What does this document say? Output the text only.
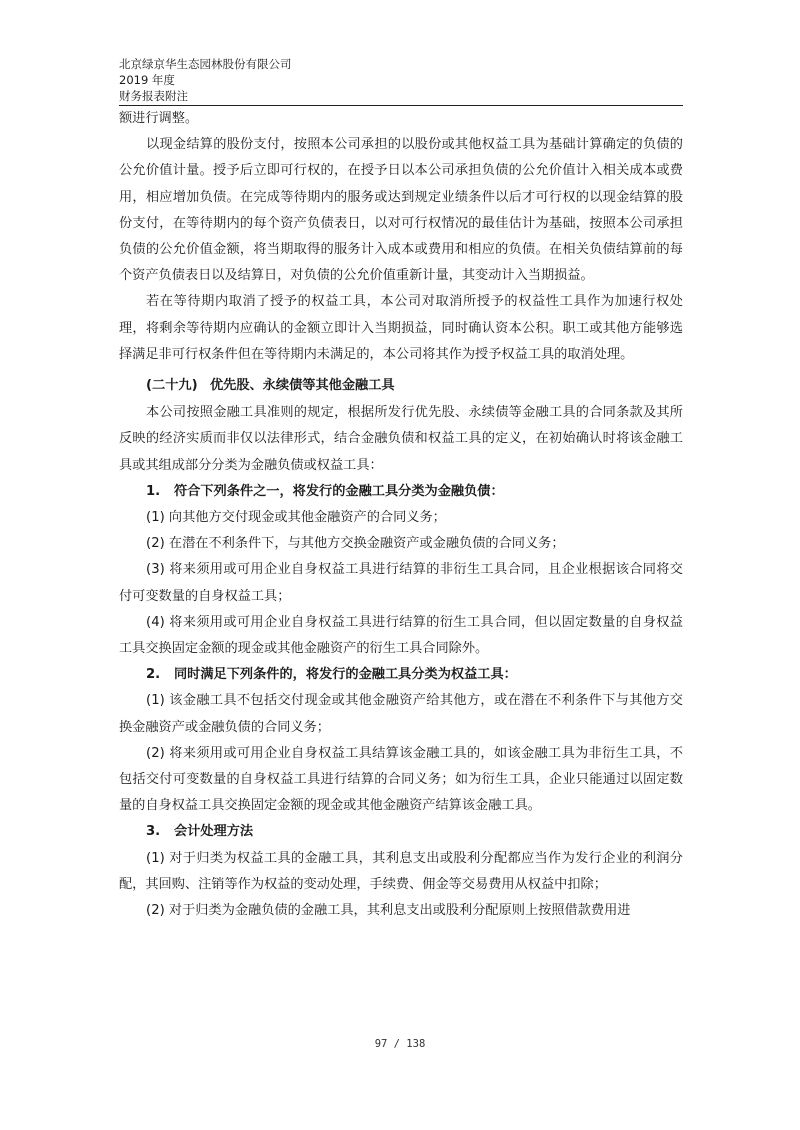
北京绿京华生态园林股份有限公司
2019 年度
财务报表附注

额进行调整。

以现金结算的股份支付，按照本公司承担的以股份或其他权益工具为基础计算确定的负债的公允价值计量。授予后立即可行权的，在授予日以本公司承担负债的公允价值计入相关成本或费用，相应增加负债。在完成等待期内的服务或达到规定业绩条件以后才可行权的以现金结算的股份支付，在等待期内的每个资产负债表日，以对可行权情况的最佳估计为基础，按照本公司承担负债的公允价值金额，将当期取得的服务计入成本或费用和相应的负债。在相关负债结算前的每个资产负债表日以及结算日，对负债的公允价值重新计量，其变动计入当期损益。

若在等待期内取消了授予的权益工具，本公司对取消所授予的权益性工具作为加速行权处理，将剩余等待期内应确认的金额立即计入当期损益，同时确认资本公积。职工或其他方能够选择满足非可行权条件但在等待期内未满足的，本公司将其作为授予权益工具的取消处理。

(二十九) 优先股、永续债等其他金融工具

本公司按照金融工具准则的规定，根据所发行优先股、永续债等金融工具的合同条款及其所反映的经济实质而非仅以法律形式，结合金融负债和权益工具的定义，在初始确认时将该金融工具或其组成部分分类为金融负债或权益工具：

1. 符合下列条件之一，将发行的金融工具分类为金融负债：

(1) 向其他方交付现金或其他金融资产的合同义务；

(2) 在潜在不利条件下，与其他方交换金融资产或金融负债的合同义务；

(3) 将来须用或可用企业自身权益工具进行结算的非衍生工具合同，且企业根据该合同将交付可变数量的自身权益工具；

(4) 将来须用或可用企业自身权益工具进行结算的衍生工具合同，但以固定数量的自身权益工具交换固定金额的现金或其他金融资产的衍生工具合同除外。

2. 同时满足下列条件的，将发行的金融工具分类为权益工具：

(1) 该金融工具不包括交付现金或其他金融资产给其他方，或在潜在不利条件下与其他方交换金融资产或金融负债的合同义务；

(2) 将来须用或可用企业自身权益工具结算该金融工具的，如该金融工具为非衍生工具，不包括交付可变数量的自身权益工具进行结算的合同义务；如为衍生工具，企业只能通过以固定数量的自身权益工具交换固定金额的现金或其他金融资产结算该金融工具。

3. 会计处理方法

(1) 对于归类为权益工具的金融工具，其利息支出或股利分配都应当作为发行企业的利润分配，其回购、注销等作为权益的变动处理，手续费、佣金等交易费用从权益中扣除；

(2) 对于归类为金融负债的金融工具，其利息支出或股利分配原则上按照借款费用进

97 / 138
